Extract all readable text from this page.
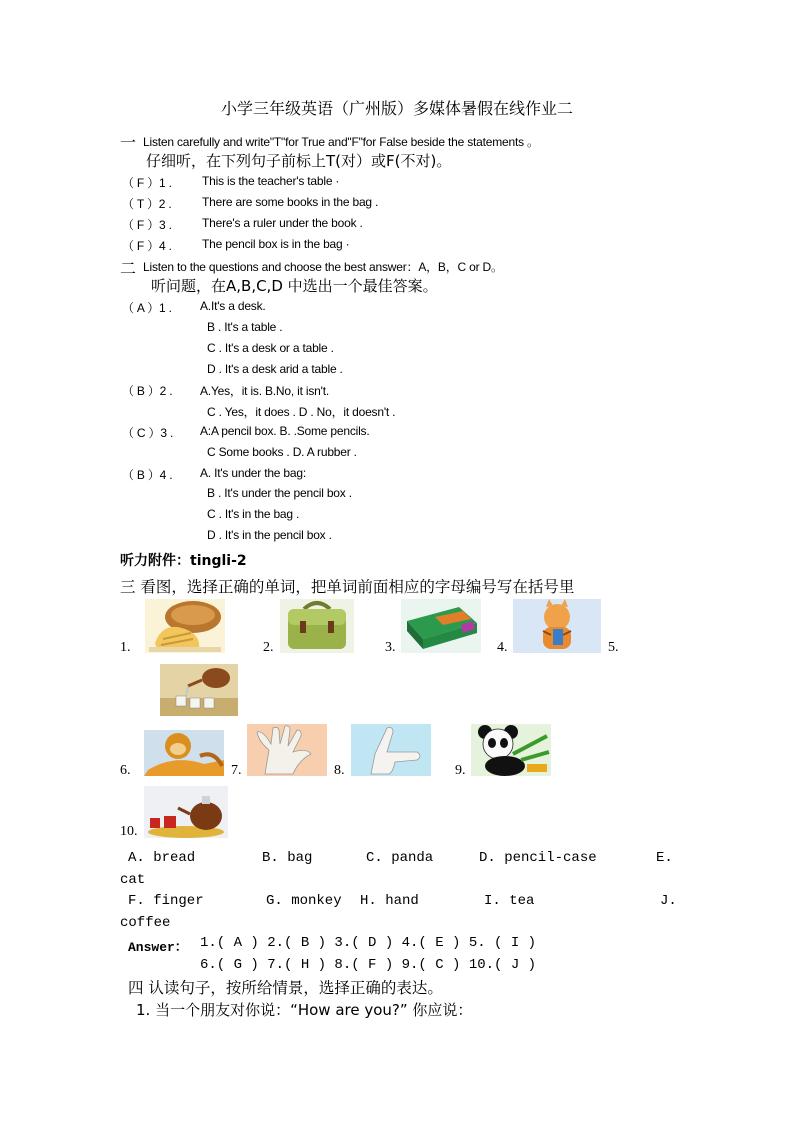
小学三年级英语（广州版）多媒体暑假在线作业二
一 Listen carefully and write"T"for True and"F"for False beside the statements 。
仔细听，在下列句子前标上T(对）或F(不对)。
（ F ）1 .	This is the teacher's table ·
（ T ）2 .	There are some books in the bag .
（ F ）3 .	There's a ruler under the book .
（ F ）4 .	The pencil box is in the bag ·
二 Listen to the questions and choose the best answer：A，B，C or D。
听问题，在A,B,C,D 中选出一个最佳答案。
（ A ）1 . A.It's a desk.
B . It's a table .
C . It's a desk or a table .
D . It's a desk arid a table .
（ B ）2 . A.Yes，it is. B.No, it isn't.
C . Yes，it does . D . No，it doesn't .
（ C ）3 . A:A pencil box. B. .Some pencils.
C Some books . D. A rubber .
（ B ）4 . A. It's under the bag:
B . It's under the pencil box .
C . It's in the bag .
D . It's in the pencil box .
听力附件：tingli-2
三 看图，选择正确的单词，把单词前面相应的字母编号写在括号里
1.	2.	3.	4.	5.
6.	7.	8.	9.
10.
A. bread	B. bag	C. panda	D. pencil-case	E.
cat
F. finger	G. monkey H. hand	I. tea	J.
coffee
Answer： 1.( A ) 2.( B ) 3.( D ) 4.( E ) 5. ( I )
6.( G ) 7.( H ) 8.( F ) 9.( C ) 10.( J )
四 认读句子，按所给情景，选择正确的表达。
1. 当一个朋友对你说：“How are you?” 你应说：
